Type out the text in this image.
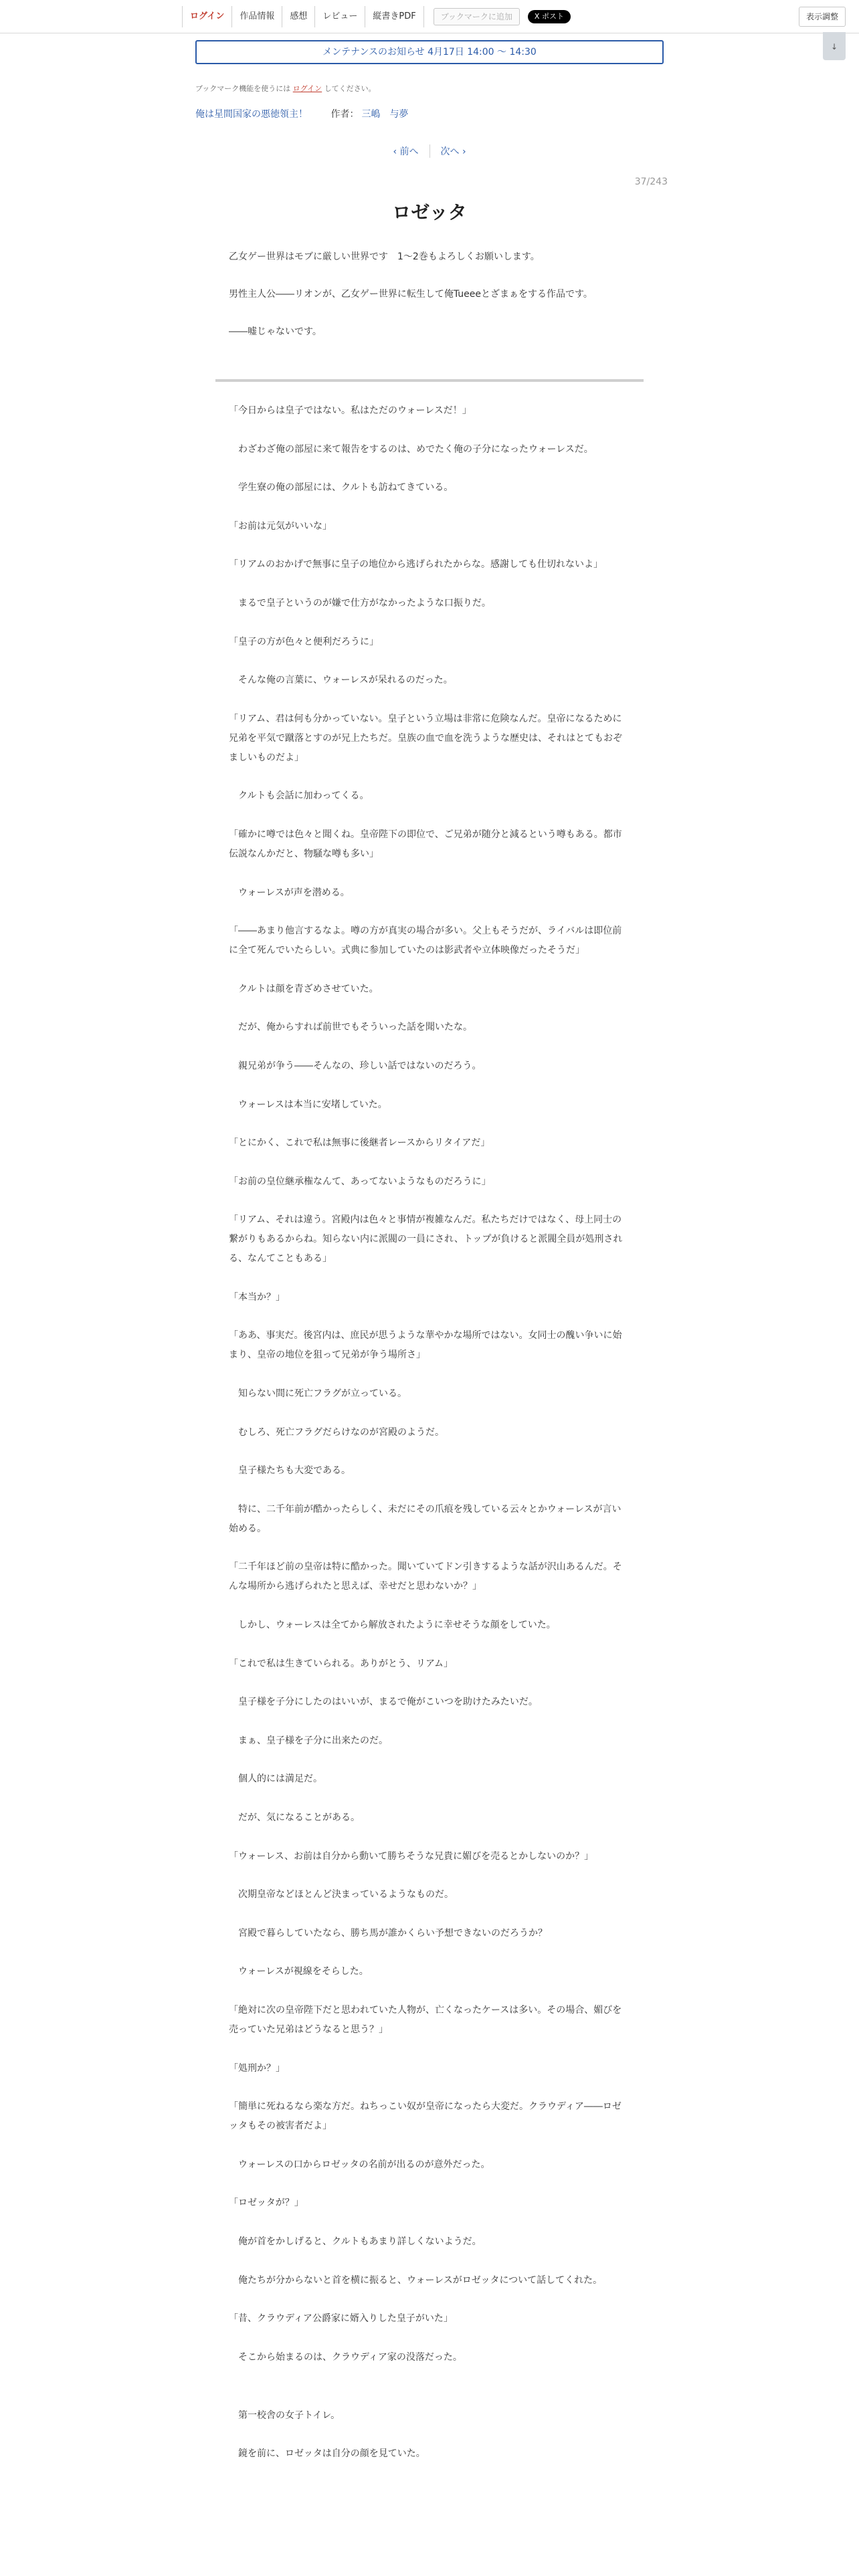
ログイン	作品情報	感想	レビュー	縦書きPDF	ブックマークに追加	X ポスト	表示調整
↓
メンテナンスのお知らせ 4月17日 14:00 ～ 14:30
ブックマーク機能を使うには ログイン してください。
俺は星間国家の悪徳領主！ 作者： 三嶋　与夢
‹ 前へ 次へ ›
37/243
ロゼッタ

乙女ゲー世界はモブに厳しい世界です　1〜2巻もよろしくお願いします。

男性主人公――リオンが、乙女ゲー世界に転生して俺Tueeeとざまぁをする作品です。

――嘘じゃないです。

「今日からは皇子ではない。私はただのウォーレスだ！」

　わざわざ俺の部屋に来て報告をするのは、めでたく俺の子分になったウォーレスだ。

　学生寮の俺の部屋には、クルトも訪ねてきている。

「お前は元気がいいな」

「リアムのおかげで無事に皇子の地位から逃げられたからな。感謝しても仕切れないよ」

　まるで皇子というのが嫌で仕方がなかったような口振りだ。

「皇子の方が色々と便利だろうに」

　そんな俺の言葉に、ウォーレスが呆れるのだった。

「リアム、君は何も分かっていない。皇子という立場は非常に危険なんだ。皇帝になるために兄弟を平気で蹴落とすのが兄上たちだ。皇族の血で血を洗うような歴史は、それはとてもおぞましいものだよ」

　クルトも会話に加わってくる。

「確かに噂では色々と聞くね。皇帝陛下の即位で、ご兄弟が随分と減るという噂もある。都市伝説なんかだと、物騒な噂も多い」

　ウォーレスが声を潜める。

「――あまり他言するなよ。噂の方が真実の場合が多い。父上もそうだが、ライバルは即位前に全て死んでいたらしい。式典に参加していたのは影武者や立体映像だったそうだ」

　クルトは顔を青ざめさせていた。

　だが、俺からすれば前世でもそういった話を聞いたな。

　親兄弟が争う――そんなの、珍しい話ではないのだろう。

　ウォーレスは本当に安堵していた。

「とにかく、これで私は無事に後継者レースからリタイアだ」

「お前の皇位継承権なんて、あってないようなものだろうに」

「リアム、それは違う。宮殿内は色々と事情が複雑なんだ。私たちだけではなく、母上同士の繋がりもあるからね。知らない内に派閥の一員にされ、トップが負けると派閥全員が処刑される、なんてこともある」

「本当か？」

「ああ、事実だ。後宮内は、庶民が思うような華やかな場所ではない。女同士の醜い争いに始まり、皇帝の地位を狙って兄弟が争う場所さ」

　知らない間に死亡フラグが立っている。

　むしろ、死亡フラグだらけなのが宮殿のようだ。

　皇子様たちも大変である。

　特に、二千年前が酷かったらしく、未だにその爪痕を残している云々とかウォーレスが言い始める。

「二千年ほど前の皇帝は特に酷かった。聞いていてドン引きするような話が沢山あるんだ。そんな場所から逃げられたと思えば、幸せだと思わないか？」

　しかし、ウォーレスは全てから解放されたように幸せそうな顔をしていた。

「これで私は生きていられる。ありがとう、リアム」

　皇子様を子分にしたのはいいが、まるで俺がこいつを助けたみたいだ。

　まぁ、皇子様を子分に出来たのだ。

　個人的には満足だ。

　だが、気になることがある。

「ウォーレス、お前は自分から動いて勝ちそうな兄貴に媚びを売るとかしないのか？」

　次期皇帝などほとんど決まっているようなものだ。

　宮殿で暮らしていたなら、勝ち馬が誰かくらい予想できないのだろうか？

　ウォーレスが視線をそらした。

「絶対に次の皇帝陛下だと思われていた人物が、亡くなったケースは多い。その場合、媚びを売っていた兄弟はどうなると思う？」

「処刑か？」

「簡単に死ねるなら楽な方だ。ねちっこい奴が皇帝になったら大変だ。クラウディア――ロゼッタもその被害者だよ」

　ウォーレスの口からロゼッタの名前が出るのが意外だった。

「ロゼッタが？」

　俺が首をかしげると、クルトもあまり詳しくないようだ。

　俺たちが分からないと首を横に振ると、ウォーレスがロゼッタについて話してくれた。

「昔、クラウディア公爵家に婿入りした皇子がいた」

　そこから始まるのは、クラウディア家の没落だった。

　第一校舎の女子トイレ。

　鏡を前に、ロゼッタは自分の顔を見ていた。
